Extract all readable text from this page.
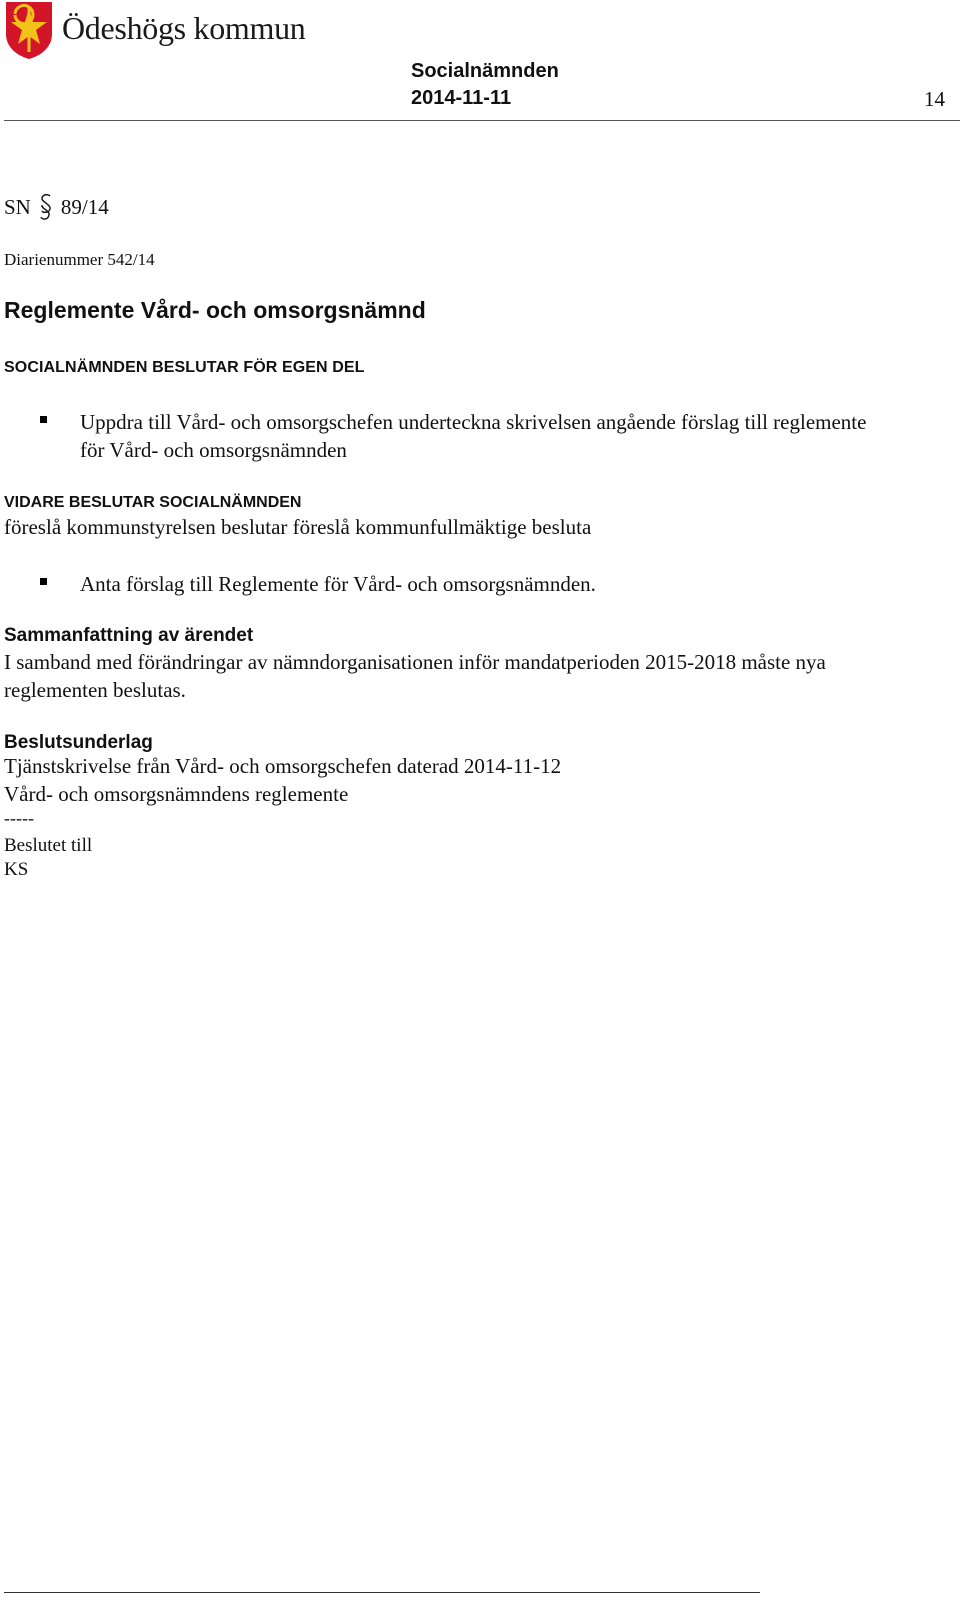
Ödeshögs kommun
Socialnämnden
2014-11-11	14
SN 89/14
Diarienummer 542/14
Reglemente Vård- och omsorgsnämnd
SOCIALNÄMNDEN BESLUTAR FÖR EGEN DEL
Uppdra till Vård- och omsorgschefen underteckna skrivelsen angående förslag till reglemente för Vård- och omsorgsnämnden
VIDARE BESLUTAR SOCIALNÄMNDEN
föreslå kommunstyrelsen beslutar föreslå kommunfullmäktige besluta
Anta förslag till Reglemente för Vård- och omsorgsnämnden.
Sammanfattning av ärendet
I samband med förändringar av nämndorganisationen inför mandatperioden 2015-2018 måste nya reglementen beslutas.
Beslutsunderlag
Tjänstskrivelse från Vård- och omsorgschefen daterad 2014-11-12
Vård- och omsorgsnämndens reglemente
-----
Beslutet till
KS
